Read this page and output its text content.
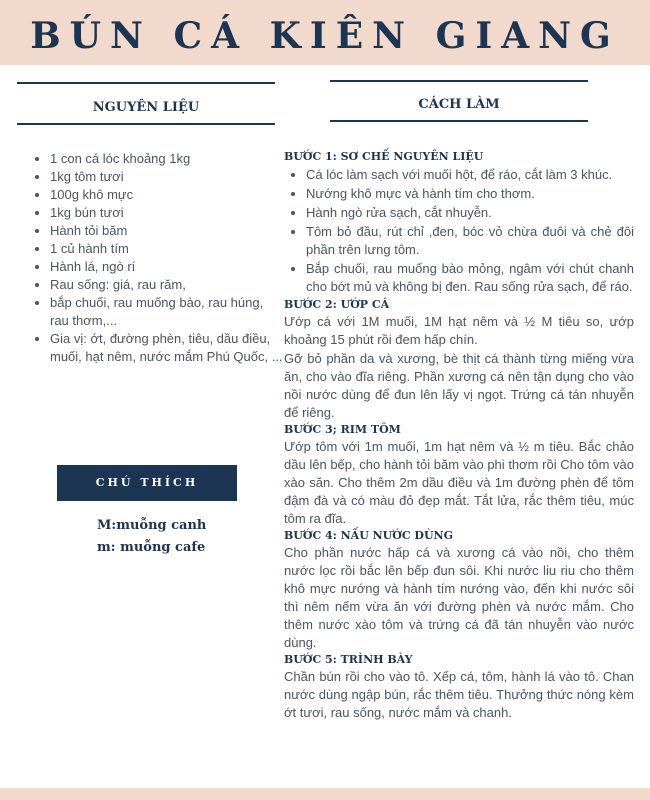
BÚN CÁ KIÊN GIANG
NGUYÊN LIỆU	CÁCH LÀM
• 1 con cá lóc khoảng 1kg
• 1kg tôm tươi
• 100g khô mực
• 1kg bún tươi
• Hành tỏi băm
• 1 củ hành tím
• Hành lá, ngò rí
• Rau sống: giá, rau răm,
• bắp chuối, rau muống bào, rau húng, rau thơm,...
• Gia vị: ớt, đường phèn, tiêu, dầu điều, muối, hạt nêm, nước mắm Phú Quốc, ...
CHÚ THÍCH
M:muỗng canh
m: muỗng cafe

BƯỚC 1: SƠ CHẾ NGUYÊN LIỆU

• Cá lóc làm sạch với muối hột, để ráo, cắt làm 3 khúc.
• Nướng khô mực và hành tím cho thơm.
• Hành ngò rửa sạch, cắt nhuyễn.
• Tôm bỏ đầu, rút chỉ ,đen, bóc vỏ chừa đuôi và chẻ đôi phần trên lưng tôm.
• Bắp chuối, rau muống bào mỏng, ngâm với chút chanh cho bớt mủ và không bị đen. Rau sống rửa sạch, để ráo.

BƯỚC 2: ƯỚP CÁ

Ướp cá với 1M muối, 1M hạt nêm và ½ M tiêu so, ướp khoảng 15 phút rồi đem hấp chín.

Gỡ bỏ phần da và xương, bè thịt cá thành từng miếng vừa ăn, cho vào đĩa riêng. Phần xương cá nên tận dụng cho vào nồi nước dùng để đun lên lấy vị ngọt. Trứng cá tán nhuyễn để riêng.

BƯỚC 3; RIM TÔM

Ướp tôm với 1m muối, 1m hạt nêm và ½ m tiêu. Bắc chảo dầu lên bếp, cho hành tỏi băm vào phi thơm rồi Cho tôm vào xào săn. Cho thêm 2m dầu điều và 1m đường phèn để tôm đậm đà và có màu đỏ đẹp mắt. Tắt lửa, rắc thêm tiêu, múc tôm ra đĩa.

BƯỚC 4: NẤU NƯỚC DÙNG

Cho phần nước hấp cá và xương cá vào nồi, cho thêm nước lọc rồi bắc lên bếp đun sôi. Khi nước liu riu cho thêm khô mực nướng và hành tím nướng vào, đến khi nước sôi thì nêm nếm vừa ăn với đường phèn và nước mắm. Cho thêm nước xào tôm và trứng cá đã tán nhuyễn vào nước dùng.

BƯỚC 5: TRÌNH BÀY

Chần bún rồi cho vào tô. Xếp cá, tôm, hành lá vào tô. Chan nước dùng ngập bún, rắc thêm tiêu. Thưởng thức nóng kèm ớt tươi, rau sống, nước mắm và chanh.
